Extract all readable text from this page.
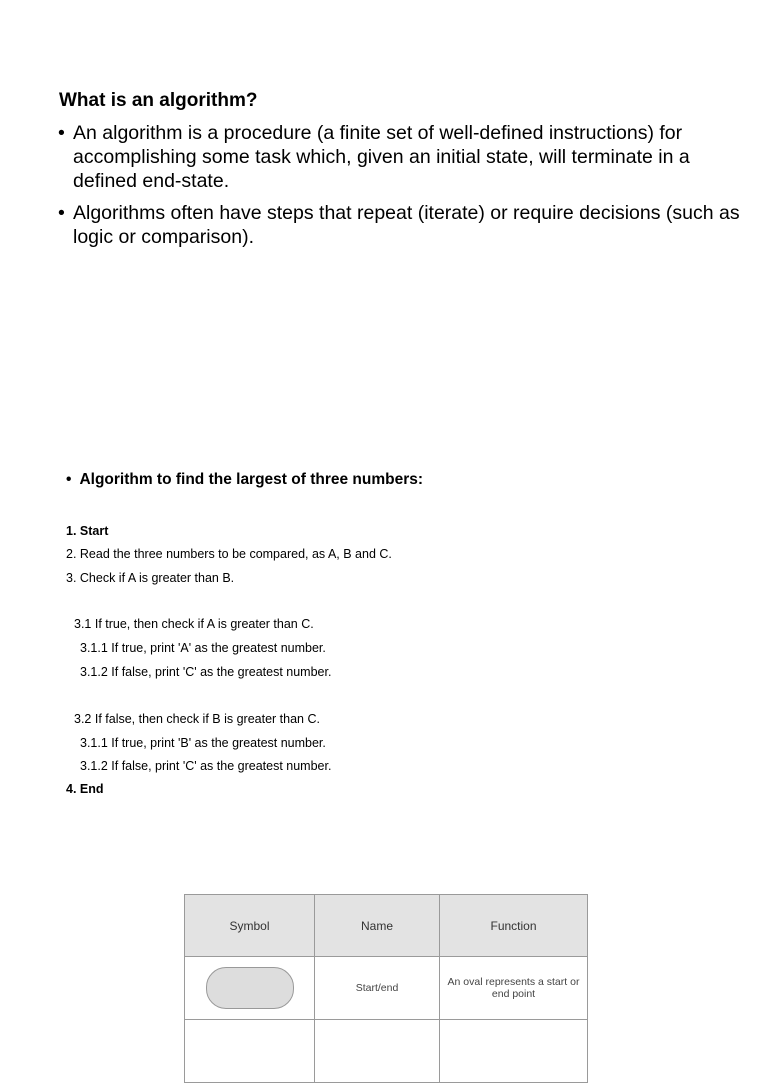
What is an algorithm?
• An algorithm is a procedure (a finite set of well-defined instructions) for accomplishing some task which, given an initial state, will terminate in a defined end-state.
• Algorithms often have steps that repeat (iterate) or require decisions (such as logic or comparison).
• Algorithm to find the largest of three numbers:
1. Start
2. Read the three numbers to be compared, as A, B and C.
3. Check if A is greater than B.
3.1 If true, then check if A is greater than C.
3.1.1 If true, print 'A' as the greatest number.
3.1.2 If false, print 'C' as the greatest number.
3.2 If false, then check if B is greater than C.
3.1.1 If true, print 'B' as the greatest number.
3.1.2 If false, print 'C' as the greatest number.
4. End
Symbol	Name	Function
	Start/end	An oval represents a start or end point
